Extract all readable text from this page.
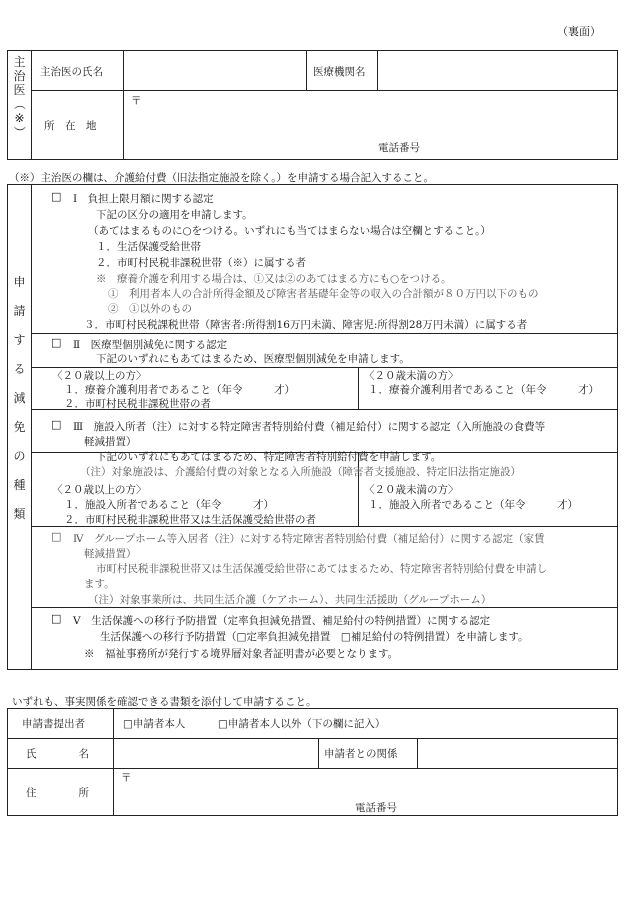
（裏面）
主
治
医
（
※
）
主治医の氏名	医療機関名
所　在　地
〒
電話番号
（※）主治医の欄は、介護給付費（旧法指定施設を除く。）を申請する場合記入すること。
申
請
す
る
減
免
の
種
類
□ Ⅰ　負担上限月額に関する認定
下記の区分の適用を申請します。
（あてはまるものに○をつける。いずれにも当てはまらない場合は空欄とすること。）
１．生活保護受給世帯
２．市町村民税非課税世帯（※）に属する者
※　療養介護を利用する場合は、①又は②のあてはまる方にも○をつける。
①　利用者本人の合計所得金額及び障害者基礎年金等の収入の合計額が８０万円以下のもの
②　①以外のもの
３．市町村民税課税世帯（障害者:所得割16万円未満、障害児:所得割28万円未満）に属する者
□ Ⅱ　医療型個別減免に関する認定
下記のいずれにもあてはまるため、医療型個別減免を申請します。
〈２０歳以上の方〉
１．療養介護利用者であること（年令　　　才）
２．市町村民税非課税世帯の者
〈２０歳未満の方〉
１．療養介護利用者であること（年令　　　才）
□ Ⅲ　施設入所者（注）に対する特定障害者特別給付費（補足給付）に関する認定（入所施設の食費等
軽減措置）
下記のいずれにもあてはまるため、特定障害者特別給付費を申請します。
（注）対象施設は、介護給付費の対象となる入所施設（障害者支援施設、特定旧法指定施設）
〈２０歳以上の方〉
１．施設入所者であること（年令　　　才）
２．市町村民税非課税世帯又は生活保護受給世帯の者
〈２０歳未満の方〉
１．施設入所者であること（年令　　　才）
□ Ⅳ　グループホーム等入居者（注）に対する特定障害者特別給付費（補足給付）に関する認定（家賃
軽減措置）
市町村民税非課税世帯又は生活保護受給世帯にあてはまるため、特定障害者特別給付費を申請し
ます。
（注）対象事業所は、共同生活介護（ケアホーム）、共同生活援助（グループホーム）
□ Ⅴ　生活保護への移行予防措置（定率負担減免措置、補足給付の特例措置）に関する認定
生活保護への移行予防措置（□定率負担減免措置　□補足給付の特例措置）を申請します。
※　福祉事務所が発行する境界層対象者証明書が必要となります。
いずれも、事実関係を確認できる書類を添付して申請すること。
申請書提出者	□申請者本人	□申請者本人以外（下の欄に記入）
氏　　　　名	申請者との関係
住　　　　所
〒
電話番号
